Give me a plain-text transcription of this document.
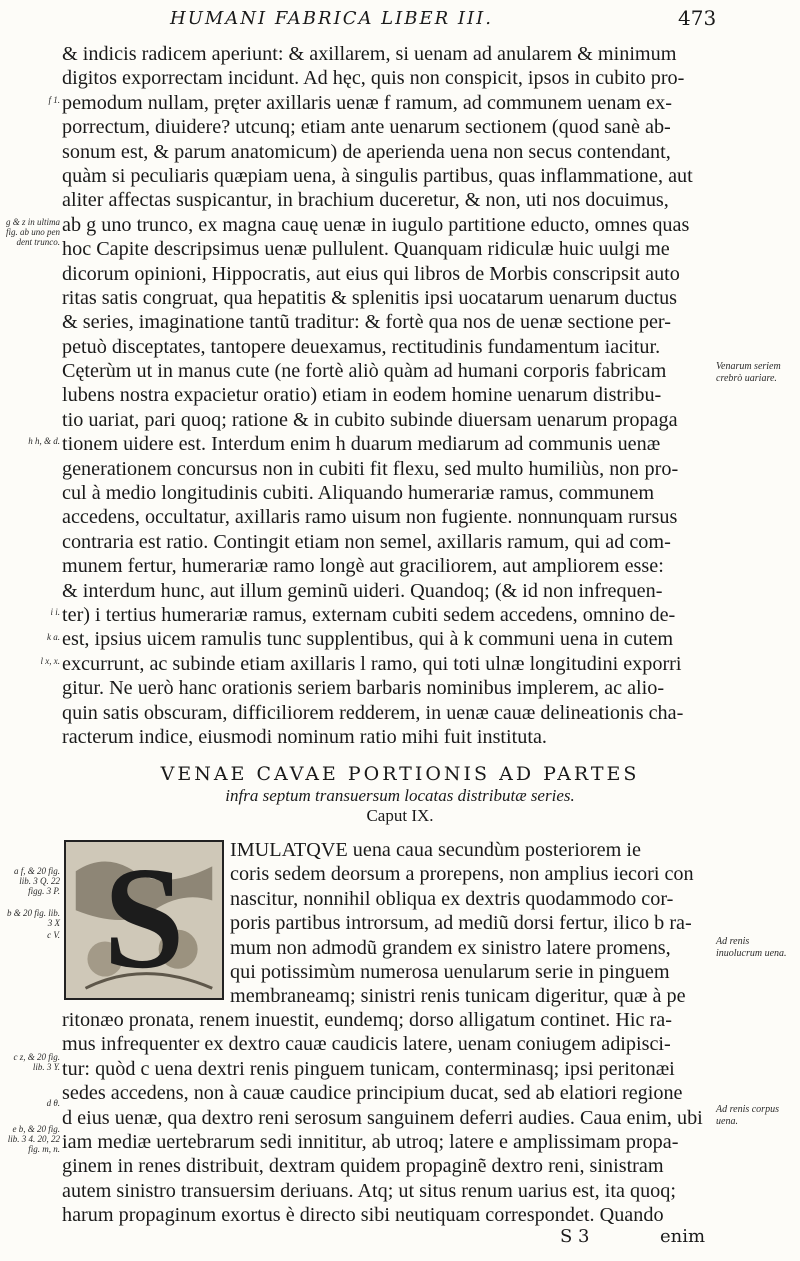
HUMANI FABRICA LIBER III.	473
& indicis radicem aperiunt: & axillarem, si uenam ad anularem & minimum
digitos exporrectam incidunt. Ad hęc, quis non conspicit, ipsos in cubito pro-
pemodum nullam, pręter axillaris uenæ f ramum, ad communem uenam ex-
porrectum, diuidere? utcunq; etiam ante uenarum sectionem (quod sanè ab-
sonum est, & parum anatomicum) de aperienda uena non secus contendant,
quàm si peculiaris quæpiam uena, à singulis partibus, quas inflammatione, aut
aliter affectas suspicantur, in brachium duceretur, & non, uti nos docuimus,
ab g uno trunco, ex magna cauę uenæ in iugulo partitione educto, omnes quas
hoc Capite descripsimus uenæ pullulent. Quanquam ridiculæ huic uulgi me
dicorum opinioni, Hippocratis, aut eius qui libros de Morbis conscripsit auto
ritas satis congruat, qua hepatitis & splenitis ipsi uocatarum uenarum ductus
& series, imaginatione tantũ traditur: & fortè qua nos de uenæ sectione per-
petuò disceptates, tantopere deuexamus, rectitudinis fundamentum iacitur.
Cęterùm ut in manus cute (ne fortè aliò quàm ad humani corporis fabricam
lubens nostra expacietur oratio) etiam in eodem homine uenarum distribu-
tio uariat, pari quoq; ratione & in cubito subinde diuersam uenarum propaga
tionem uidere est. Interdum enim h duarum mediarum ad communis uenæ
generationem concursus non in cubiti fit flexu, sed multo humiliùs, non pro-
cul à medio longitudinis cubiti. Aliquando humerariæ ramus, communem
accedens, occultatur, axillaris ramo uisum non fugiente. nonnunquam rursus
contraria est ratio. Contingit etiam non semel, axillaris ramum, qui ad com-
munem fertur, humerariæ ramo longè aut graciliorem, aut ampliorem esse:
& interdum hunc, aut illum geminũ uideri. Quandoq; (& id non infrequen-
ter) i tertius humerariæ ramus, externam cubiti sedem accedens, omnino de-
est, ipsius uicem ramulis tunc supplentibus, qui à k communi uena in cutem
excurrunt, ac subinde etiam axillaris l ramo, qui toti ulnæ longitudini exporri
gitur. Ne uerò hanc orationis seriem barbaris nominibus implerem, ac alio-
quin satis obscuram, difficiliorem redderem, in uenæ cauæ delineationis cha-
racterum indice, eiusmodi nominum ratio mihi fuit instituta.
f 1.
g & z in ultima fig. ab uno pen dent trunco.
h h, & d.
i i.
k a.
l x, x.
Venarum seriem crebrò uariare.
VENAE CAVAE PORTIONIS AD PARTES
infra septum transuersum locatas distributæ series.
Caput IX.
S IMULATQVE uena caua secundùm posteriorem ie
coris sedem deorsum a prorepens, non amplius iecori con
nascitur, nonnihil obliqua ex dextris quodammodo cor-
poris partibus introrsum, ad mediũ dorsi fertur, ilico b ra-
mum non admodũ grandem ex sinistro latere promens,
qui potissimùm numerosa uenularum serie in pinguem
membraneamq; sinistri renis tunicam digeritur, quæ à pe
ritonæo pronata, renem inuestit, eundemq; dorso alligatum continet. Hic ra-
mus infrequenter ex dextro cauæ caudicis latere, uenam coniugem adipisci-
tur: quòd c uena dextri renis pinguem tunicam, conterminasq; ipsi peritonæi
sedes accedens, non à cauæ caudice principium ducat, sed ab elatiori regione
d eius uenæ, qua dextro reni serosum sanguinem deferri audies. Caua enim, ubi
iam mediæ uertebrarum sedi innititur, ab utroq; latere e amplissimam propa-
ginem in renes distribuit, dextram quidem propaginẽ dextro reni, sinistram
autem sinistro transuersim deriuans. Atq; ut situs renum uarius est, ita quoq;
harum propaginum exortus è directo sibi neutiquam correspondet. Quando
a f, & 20 fig. lib. 3 Q. 22 figg. 3 P.
b & 20 fig. lib. 3 X
c V.
c z, & 20 fig. lib. 3 Y.
d θ.
e b, & 20 fig. lib. 3 4. 20, 22 fig. m, n.
Ad renis inuolucrum uena.
Ad renis corpus uena.
S 3	enim
